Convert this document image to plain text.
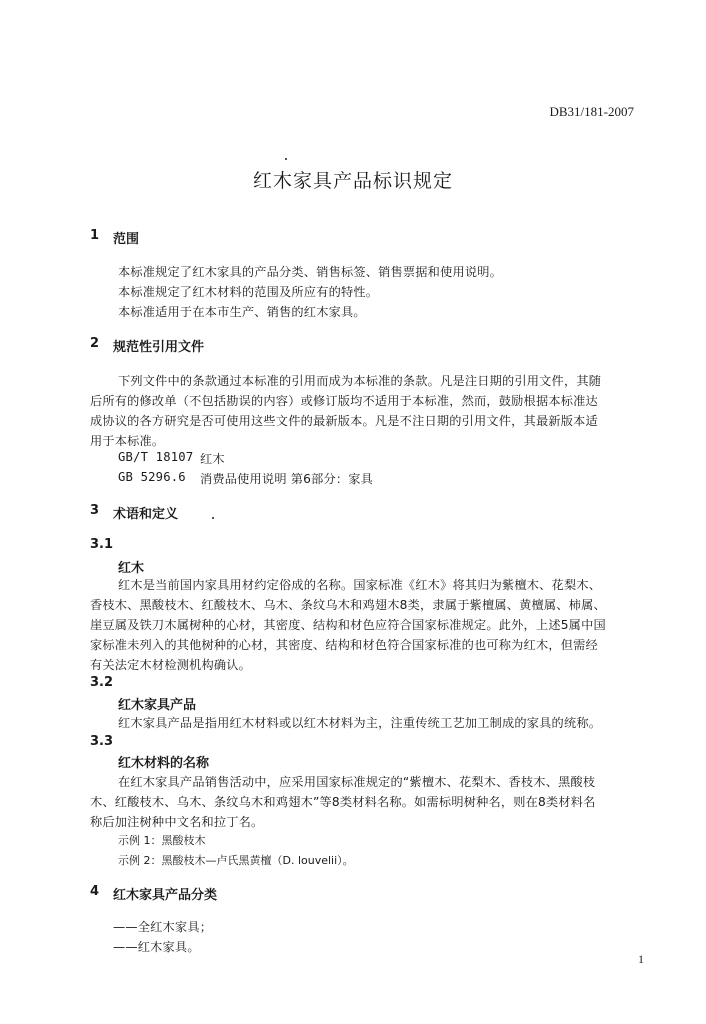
DB31/181-2007
红木家具产品标识规定
1 范围
本标准规定了红木家具的产品分类、销售标签、销售票据和使用说明。
本标准规定了红木材料的范围及所应有的特性。
本标准适用于在本市生产、销售的红木家具。
2 规范性引用文件
下列文件中的条款通过本标准的引用而成为本标准的条款。凡是注日期的引用文件，其随
后所有的修改单（不包括勘误的内容）或修订版均不适用于本标准，然而，鼓励根据本标准达
成协议的各方研究是否可使用这些文件的最新版本。凡是不注日期的引用文件，其最新版本适
用于本标准。
GB/T 18107 红木
GB 5296.6 消费品使用说明 第6部分：家具
3 术语和定义
3.1
红木
红木是当前国内家具用材约定俗成的名称。国家标准《红木》将其归为紫檀木、花梨木、
香枝木、黑酸枝木、红酸枝木、乌木、条纹乌木和鸡翅木8类，隶属于紫檀属、黄檀属、柿属、
崖豆属及铁刀木属树种的心材，其密度、结构和材色应符合国家标准规定。此外，上述5属中国
家标准未列入的其他树种的心材，其密度、结构和材色符合国家标准的也可称为红木，但需经
有关法定木材检测机构确认。
3.2
红木家具产品
红木家具产品是指用红木材料或以红木材料为主，注重传统工艺加工制成的家具的统称。
3.3
红木材料的名称
在红木家具产品销售活动中，应采用国家标准规定的“紫檀木、花梨木、香枝木、黑酸枝
木、红酸枝木、乌木、条纹乌木和鸡翅木”等8类材料名称。如需标明树种名，则在8类材料名
称后加注树种中文名和拉丁名。
示例 1：黑酸枝木
示例 2：黑酸枝木—卢氏黑黄檀（D. louvelii）。
4 红木家具产品分类
——全红木家具；
——红木家具。
1
